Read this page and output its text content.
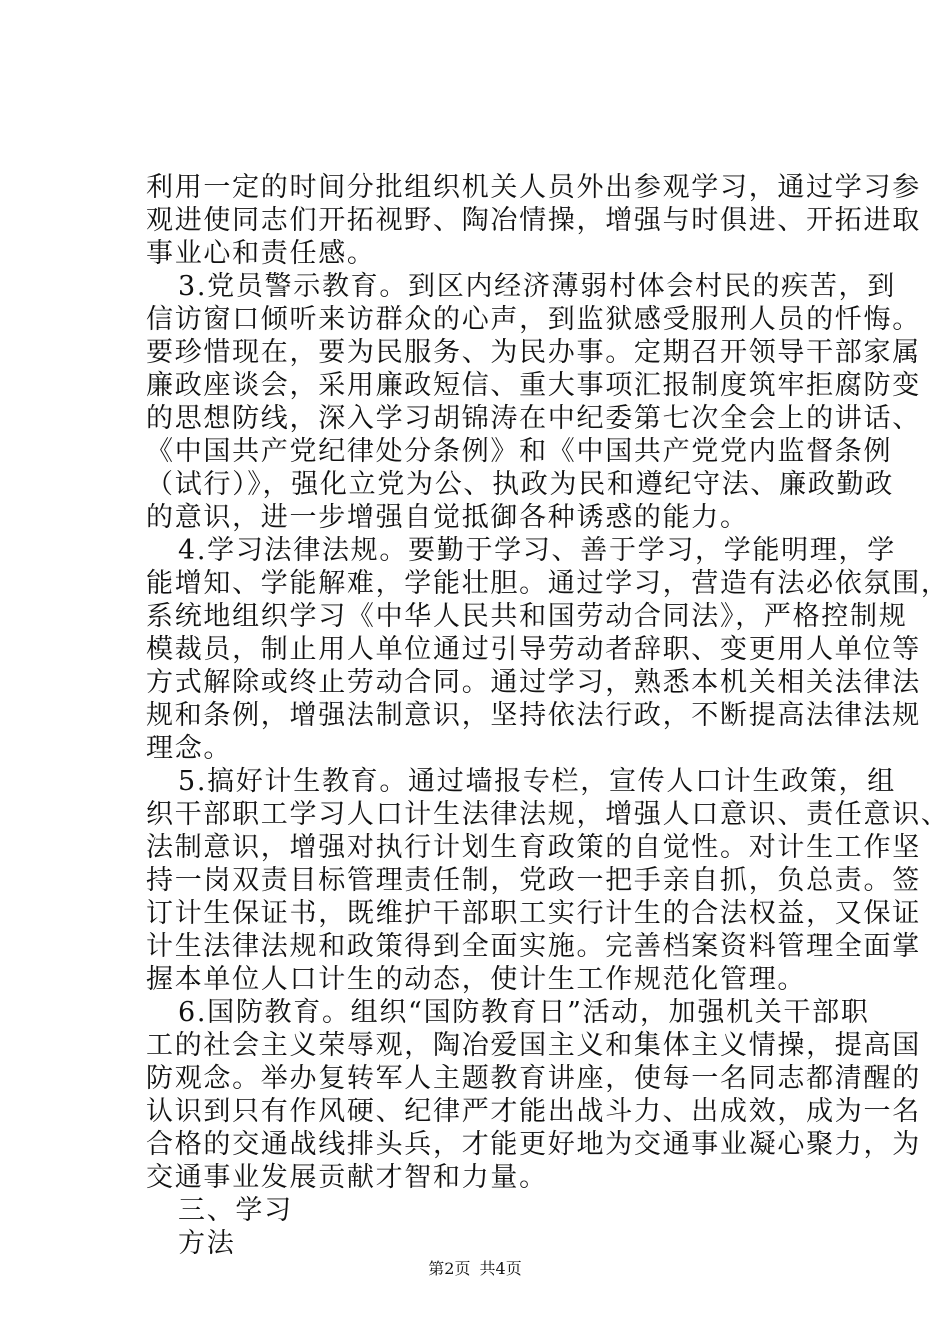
利用一定的时间分批组织机关人员外出参观学习，通过学习参
观进使同志们开拓视野、陶冶情操，增强与时俱进、开拓进取
事业心和责任感。
3.党员警示教育。到区内经济薄弱村体会村民的疾苦，到
信访窗口倾听来访群众的心声，到监狱感受服刑人员的忏悔。
要珍惜现在，要为民服务、为民办事。定期召开领导干部家属
廉政座谈会，采用廉政短信、重大事项汇报制度筑牢拒腐防变
的思想防线，深入学习胡锦涛在中纪委第七次全会上的讲话、
《中国共产党纪律处分条例》和《中国共产党党内监督条例
（试行）》，强化立党为公、执政为民和遵纪守法、廉政勤政
的意识，进一步增强自觉抵御各种诱惑的能力。
4.学习法律法规。要勤于学习、善于学习，学能明理，学
能增知、学能解难，学能壮胆。通过学习，营造有法必依氛围，
系统地组织学习《中华人民共和国劳动合同法》，严格控制规
模裁员，制止用人单位通过引导劳动者辞职、变更用人单位等
方式解除或终止劳动合同。通过学习，熟悉本机关相关法律法
规和条例，增强法制意识，坚持依法行政，不断提高法律法规
理念。
5.搞好计生教育。通过墙报专栏，宣传人口计生政策，组
织干部职工学习人口计生法律法规，增强人口意识、责任意识、
法制意识，增强对执行计划生育政策的自觉性。对计生工作坚
持一岗双责目标管理责任制，党政一把手亲自抓，负总责。签
订计生保证书，既维护干部职工实行计生的合法权益，又保证
计生法律法规和政策得到全面实施。完善档案资料管理全面掌
握本单位人口计生的动态，使计生工作规范化管理。
6.国防教育。组织“国防教育日”活动，加强机关干部职
工的社会主义荣辱观，陶冶爱国主义和集体主义情操，提高国
防观念。举办复转军人主题教育讲座，使每一名同志都清醒的
认识到只有作风硬、纪律严才能出战斗力、出成效，成为一名
合格的交通战线排头兵，才能更好地为交通事业凝心聚力，为
交通事业发展贡献才智和力量。
三、学习
方法
第2页 共4页
